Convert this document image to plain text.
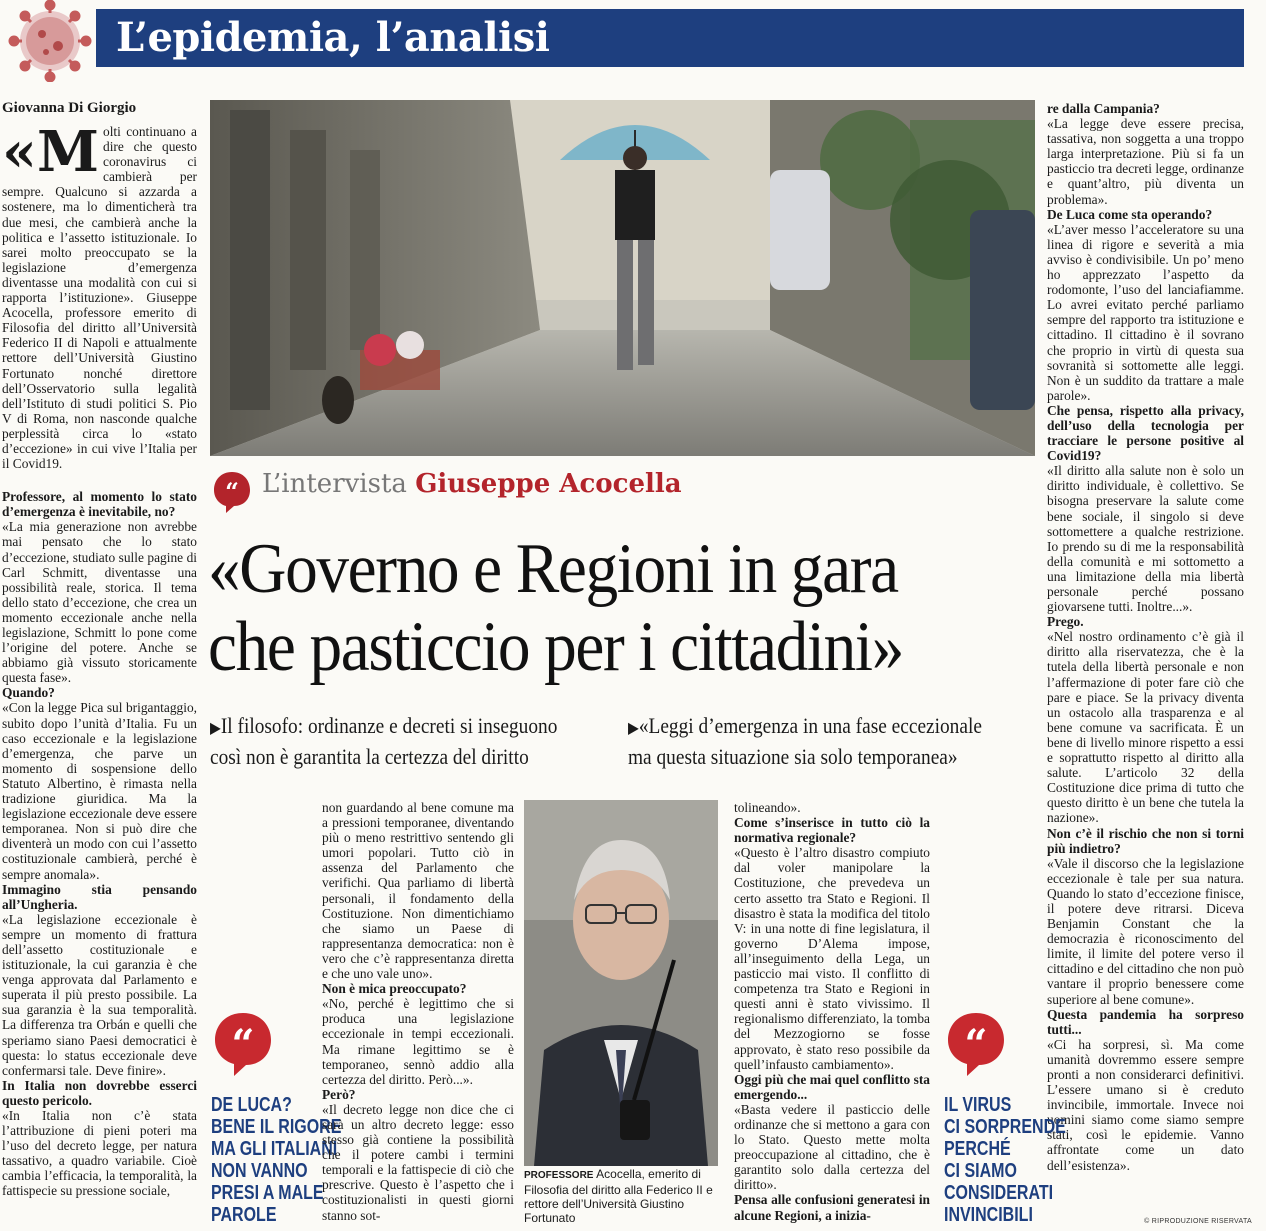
L’epidemia, l’analisi
Giovanna Di Giorgio

«Molti continuano a dire che questo coronavirus ci cambierà per sempre. Qualcuno si azzarda a sostenere, ma lo dimenticherà tra due mesi, che cambierà anche la politica e l’assetto istituzionale. Io sarei molto preoccupato se la legislazione d’emergenza diventasse una modalità con cui si rapporta l’istituzione». Giuseppe Acocella, professore emerito di Filosofia del diritto all’Università Federico II di Napoli e attualmente rettore dell’Università Giustino Fortunato nonché direttore dell’Osservatorio sulla legalità dell’Istituto di studi politici S. Pio V di Roma, non nasconde qualche perplessità circa lo «stato d’eccezione» in cui vive l’Italia per il Covid19.

Professore, al momento lo stato d’emergenza è inevitabile, no?

«La mia generazione non avrebbe mai pensato che lo stato d’eccezione, studiato sulle pagine di Carl Schmitt, diventasse una possibilità reale, storica. Il tema dello stato d’eccezione, che crea un momento eccezionale anche nella legislazione, Schmitt lo pone come l’origine del potere. Anche se abbiamo già vissuto storicamente questa fase».

Quando?

«Con la legge Pica sul brigantaggio, subito dopo l’unità d’Italia. Fu un caso eccezionale e la legislazione d’emergenza, che parve un momento di sospensione dello Statuto Albertino, è rimasta nella tradizione giuridica. Ma la legislazione eccezionale deve essere temporanea. Non si può dire che diventerà un modo con cui l’assetto costituzionale cambierà, perché è sempre anomala».

Immagino stia pensando all’Ungheria.

«La legislazione eccezionale è sempre un momento di frattura dell’assetto costituzionale e istituzionale, la cui garanzia è che venga approvata dal Parlamento e superata il più presto possibile. La sua garanzia è la sua temporalità. La differenza tra Orbán e quelli che speriamo siano Paesi democratici è questa: lo status eccezionale deve confermarsi tale. Deve finire».

In Italia non dovrebbe esserci questo pericolo.

«In Italia non c’è stata l’attribuzione di pieni poteri ma l’uso del decreto legge, per natura tassativo, a quadro variabile. Cioè cambia l’efficacia, la temporalità, la fattispecie su pressione sociale,

re dalla Campania?

«La legge deve essere precisa, tassativa, non soggetta a una troppo larga interpretazione. Più si fa un pasticcio tra decreti legge, ordinanze e quant’altro, più diventa un problema».

De Luca come sta operando?

«L’aver messo l’acceleratore su una linea di rigore e severità a mia avviso è condivisibile. Un po’ meno ho apprezzato l’aspetto da rodomonte, l’uso del lanciafiamme. Lo avrei evitato perché parliamo sempre del rapporto tra istituzione e cittadino. Il cittadino è il sovrano che proprio in virtù di questa sua sovranità si sottomette alle leggi. Non è un suddito da trattare a male parole».

Che pensa, rispetto alla privacy, dell’uso della tecnologia per tracciare le persone positive al Covid19?

«Il diritto alla salute non è solo un diritto individuale, è collettivo. Se bisogna preservare la salute come bene sociale, il singolo si deve sottomettere a qualche restrizione. Io prendo su di me la responsabilità della comunità e mi sottometto a una limitazione della mia libertà personale perché possano giovarsene tutti. Inoltre...».

Prego.

«Nel nostro ordinamento c’è già il diritto alla riservatezza, che è la tutela della libertà personale e non l’affermazione di poter fare ciò che pare e piace. Se la privacy diventa un ostacolo alla trasparenza e al bene comune va sacrificata. È un bene di livello minore rispetto a essi e soprattutto rispetto al diritto alla salute. L’articolo 32 della Costituzione dice prima di tutto che questo diritto è un bene che tutela la nazione».

Non c’è il rischio che non si torni più indietro?

«Vale il discorso che la legislazione eccezionale è tale per sua natura. Quando lo stato d’eccezione finisce, il potere deve ritrarsi. Diceva Benjamin Constant che la democrazia è riconoscimento del limite, il limite del potere verso il cittadino e del cittadino che non può vantare il proprio benessere come superiore al bene comune».

Questa pandemia ha sorpreso tutti...

«Ci ha sorpresi, sì. Ma come umanità dovremmo essere sempre pronti a non considerarci definitivi. L’essere umano si è creduto invincibile, immortale. Invece noi uomini siamo come siamo sempre stati, così le epidemie. Vanno affrontate come un dato dell’esistenza».

“ L’intervista Giuseppe Acocella
«Governo e Regioni in gara
che pasticcio per i cittadini»
▶Il filosofo: ordinanze e decreti si inseguono
così non è garantita la certezza del diritto
▶«Leggi d’emergenza in una fase eccezionale
ma questa situazione sia solo temporanea»
“
DE LUCA?
BENE IL RIGORE
MA GLI ITALIANI
NON VANNO
PRESI A MALE
PAROLE

non guardando al bene comune ma a pressioni temporanee, diventando più o meno restrittivo sentendo gli umori popolari. Tutto ciò in assenza del Parlamento che verifichi. Qua parliamo di libertà personali, il fondamento della Costituzione. Non dimentichiamo che siamo un Paese di rappresentanza democratica: non è vero che c’è rappresentanza diretta e che uno vale uno».

Non è mica preoccupato?

«No, perché è legittimo che si produca una legislazione eccezionale in tempi eccezionali. Ma rimane legittimo se è temporaneo, sennò addio alla certezza del diritto. Però...».

Però?

«Il decreto legge non dice che ci sarà un altro decreto legge: esso stesso già contiene la possibilità che il potere cambi i termini temporali e la fattispecie di ciò che prescrive. Questo è l’aspetto che i costituzionalisti in questi giorni stanno sot-

PROFESSORE Acocella, emerito di Filosofia del diritto alla Federico II e rettore dell’Università Giustino Fortunato

tolineando».

Come s’inserisce in tutto ciò la normativa regionale?

«Questo è l’altro disastro compiuto dal voler manipolare la Costituzione, che prevedeva un certo assetto tra Stato e Regioni. Il disastro è stata la modifica del titolo V: in una notte di fine legislatura, il governo D’Alema impose, all’inseguimento della Lega, un pasticcio mai visto. Il conflitto di competenza tra Stato e Regioni in questi anni è stato vivissimo. Il regionalismo differenziato, la tomba del Mezzogiorno se fosse approvato, è stato reso possibile da quell’infausto cambiamento».

Oggi più che mai quel conflitto sta emergendo...

«Basta vedere il pasticcio delle ordinanze che si mettono a gara con lo Stato. Questo mette molta preoccupazione al cittadino, che è garantito solo dalla certezza del diritto».

Pensa alle confusioni generatesi in alcune Regioni, a inizia-

“
IL VIRUS
CI SORPRENDE
PERCHÉ
CI SIAMO
CONSIDERATI
INVINCIBILI	© RIPRODUZIONE RISERVATA
